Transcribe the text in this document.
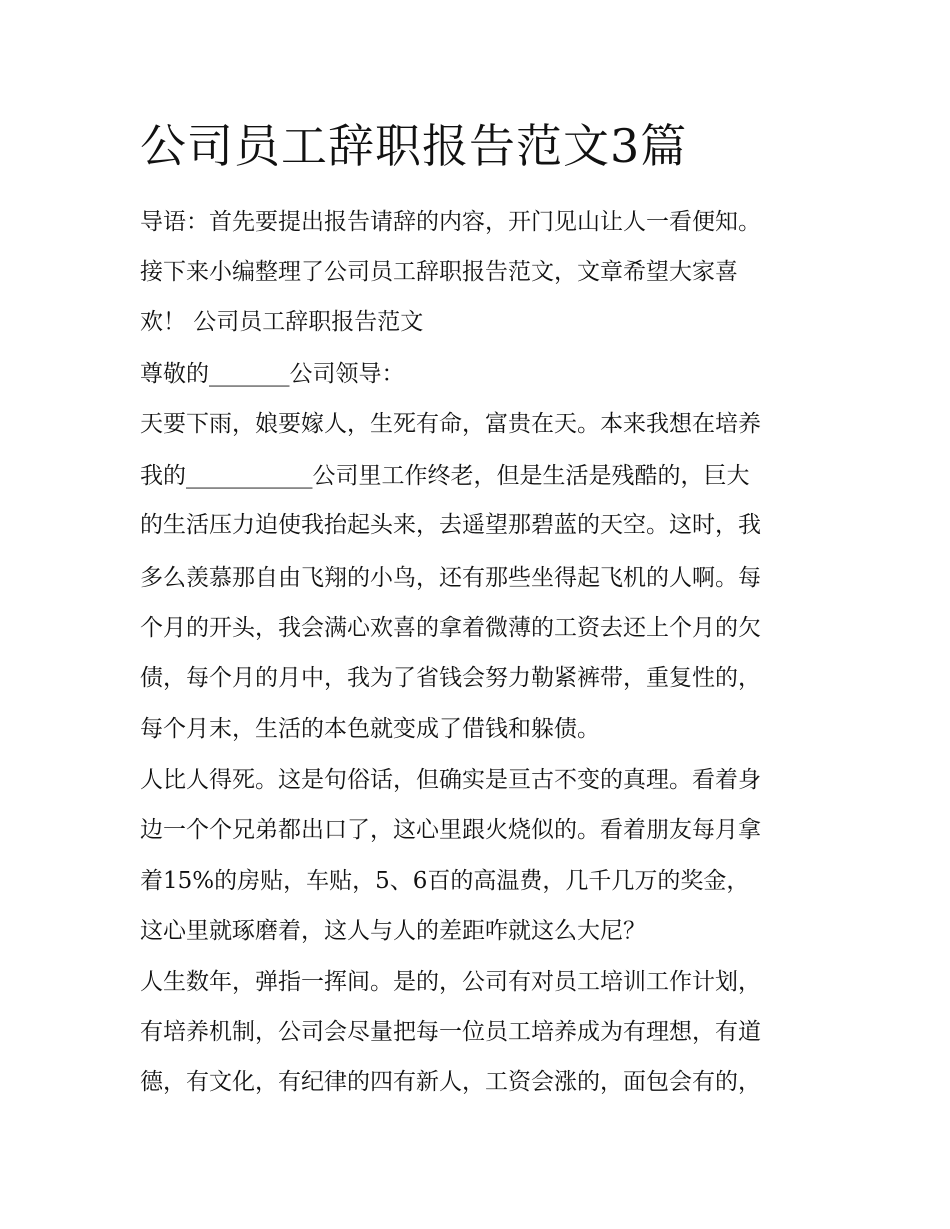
公司员工辞职报告范文3篇

导语：首先要提出报告请辞的内容，开门见山让人一看便知。

接下来小编整理了公司员工辞职报告范文，文章希望大家喜

欢！ 公司员工辞职报告范文

尊敬的_______公司领导：

天要下雨，娘要嫁人，生死有命，富贵在天。本来我想在培养

我的___________公司里工作终老，但是生活是残酷的，巨大

的生活压力迫使我抬起头来，去遥望那碧蓝的天空。这时，我

多么羡慕那自由飞翔的小鸟，还有那些坐得起飞机的人啊。每

个月的开头，我会满心欢喜的拿着微薄的工资去还上个月的欠

债，每个月的月中，我为了省钱会努力勒紧裤带，重复性的，

每个月末，生活的本色就变成了借钱和躲债。

人比人得死。这是句俗话，但确实是亘古不变的真理。看着身

边一个个兄弟都出口了，这心里跟火烧似的。看着朋友每月拿

着15%的房贴，车贴，5、6百的高温费，几千几万的奖金，

这心里就琢磨着，这人与人的差距咋就这么大尼？

人生数年，弹指一挥间。是的，公司有对员工培训工作计划，

有培养机制，公司会尽量把每一位员工培养成为有理想，有道

德，有文化，有纪律的四有新人，工资会涨的，面包会有的，
